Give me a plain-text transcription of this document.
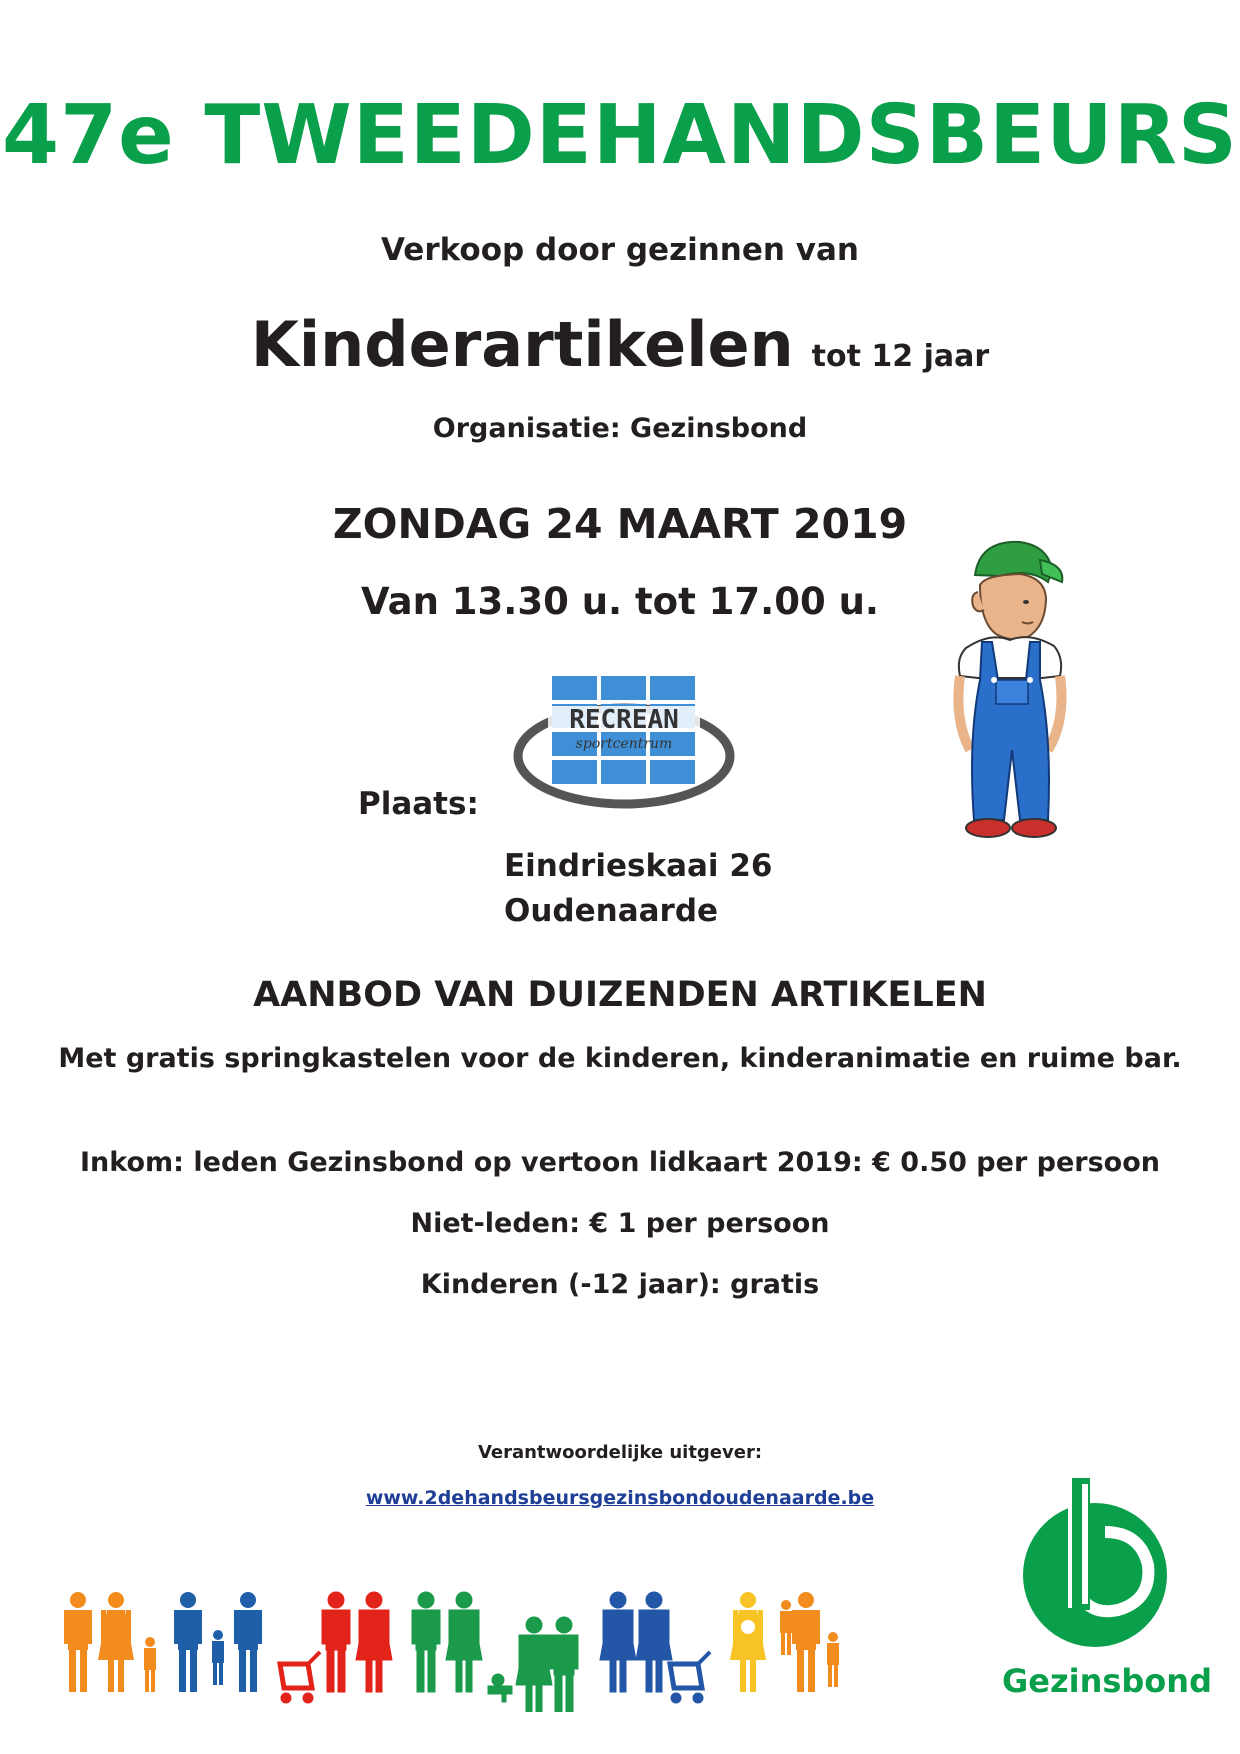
47e TWEEDEHANDSBEURS
Verkoop door gezinnen van
Kinderartikelen tot 12 jaar
Organisatie: Gezinsbond
ZONDAG 24 MAART 2019
Van 13.30 u. tot 17.00 u.
RECREAN
sportcentrum
Plaats:
Eindrieskaai 26
Oudenaarde
AANBOD VAN DUIZENDEN ARTIKELEN
Met gratis springkastelen voor de kinderen, kinderanimatie en ruime bar.
Inkom: leden Gezinsbond op vertoon lidkaart 2019: € 0.50 per persoon
Niet-leden: € 1 per persoon
Kinderen (-12 jaar): gratis
Verantwoordelijke uitgever:
www.2dehandsbeursgezinsbondoudenaarde.be
Gezinsbond
